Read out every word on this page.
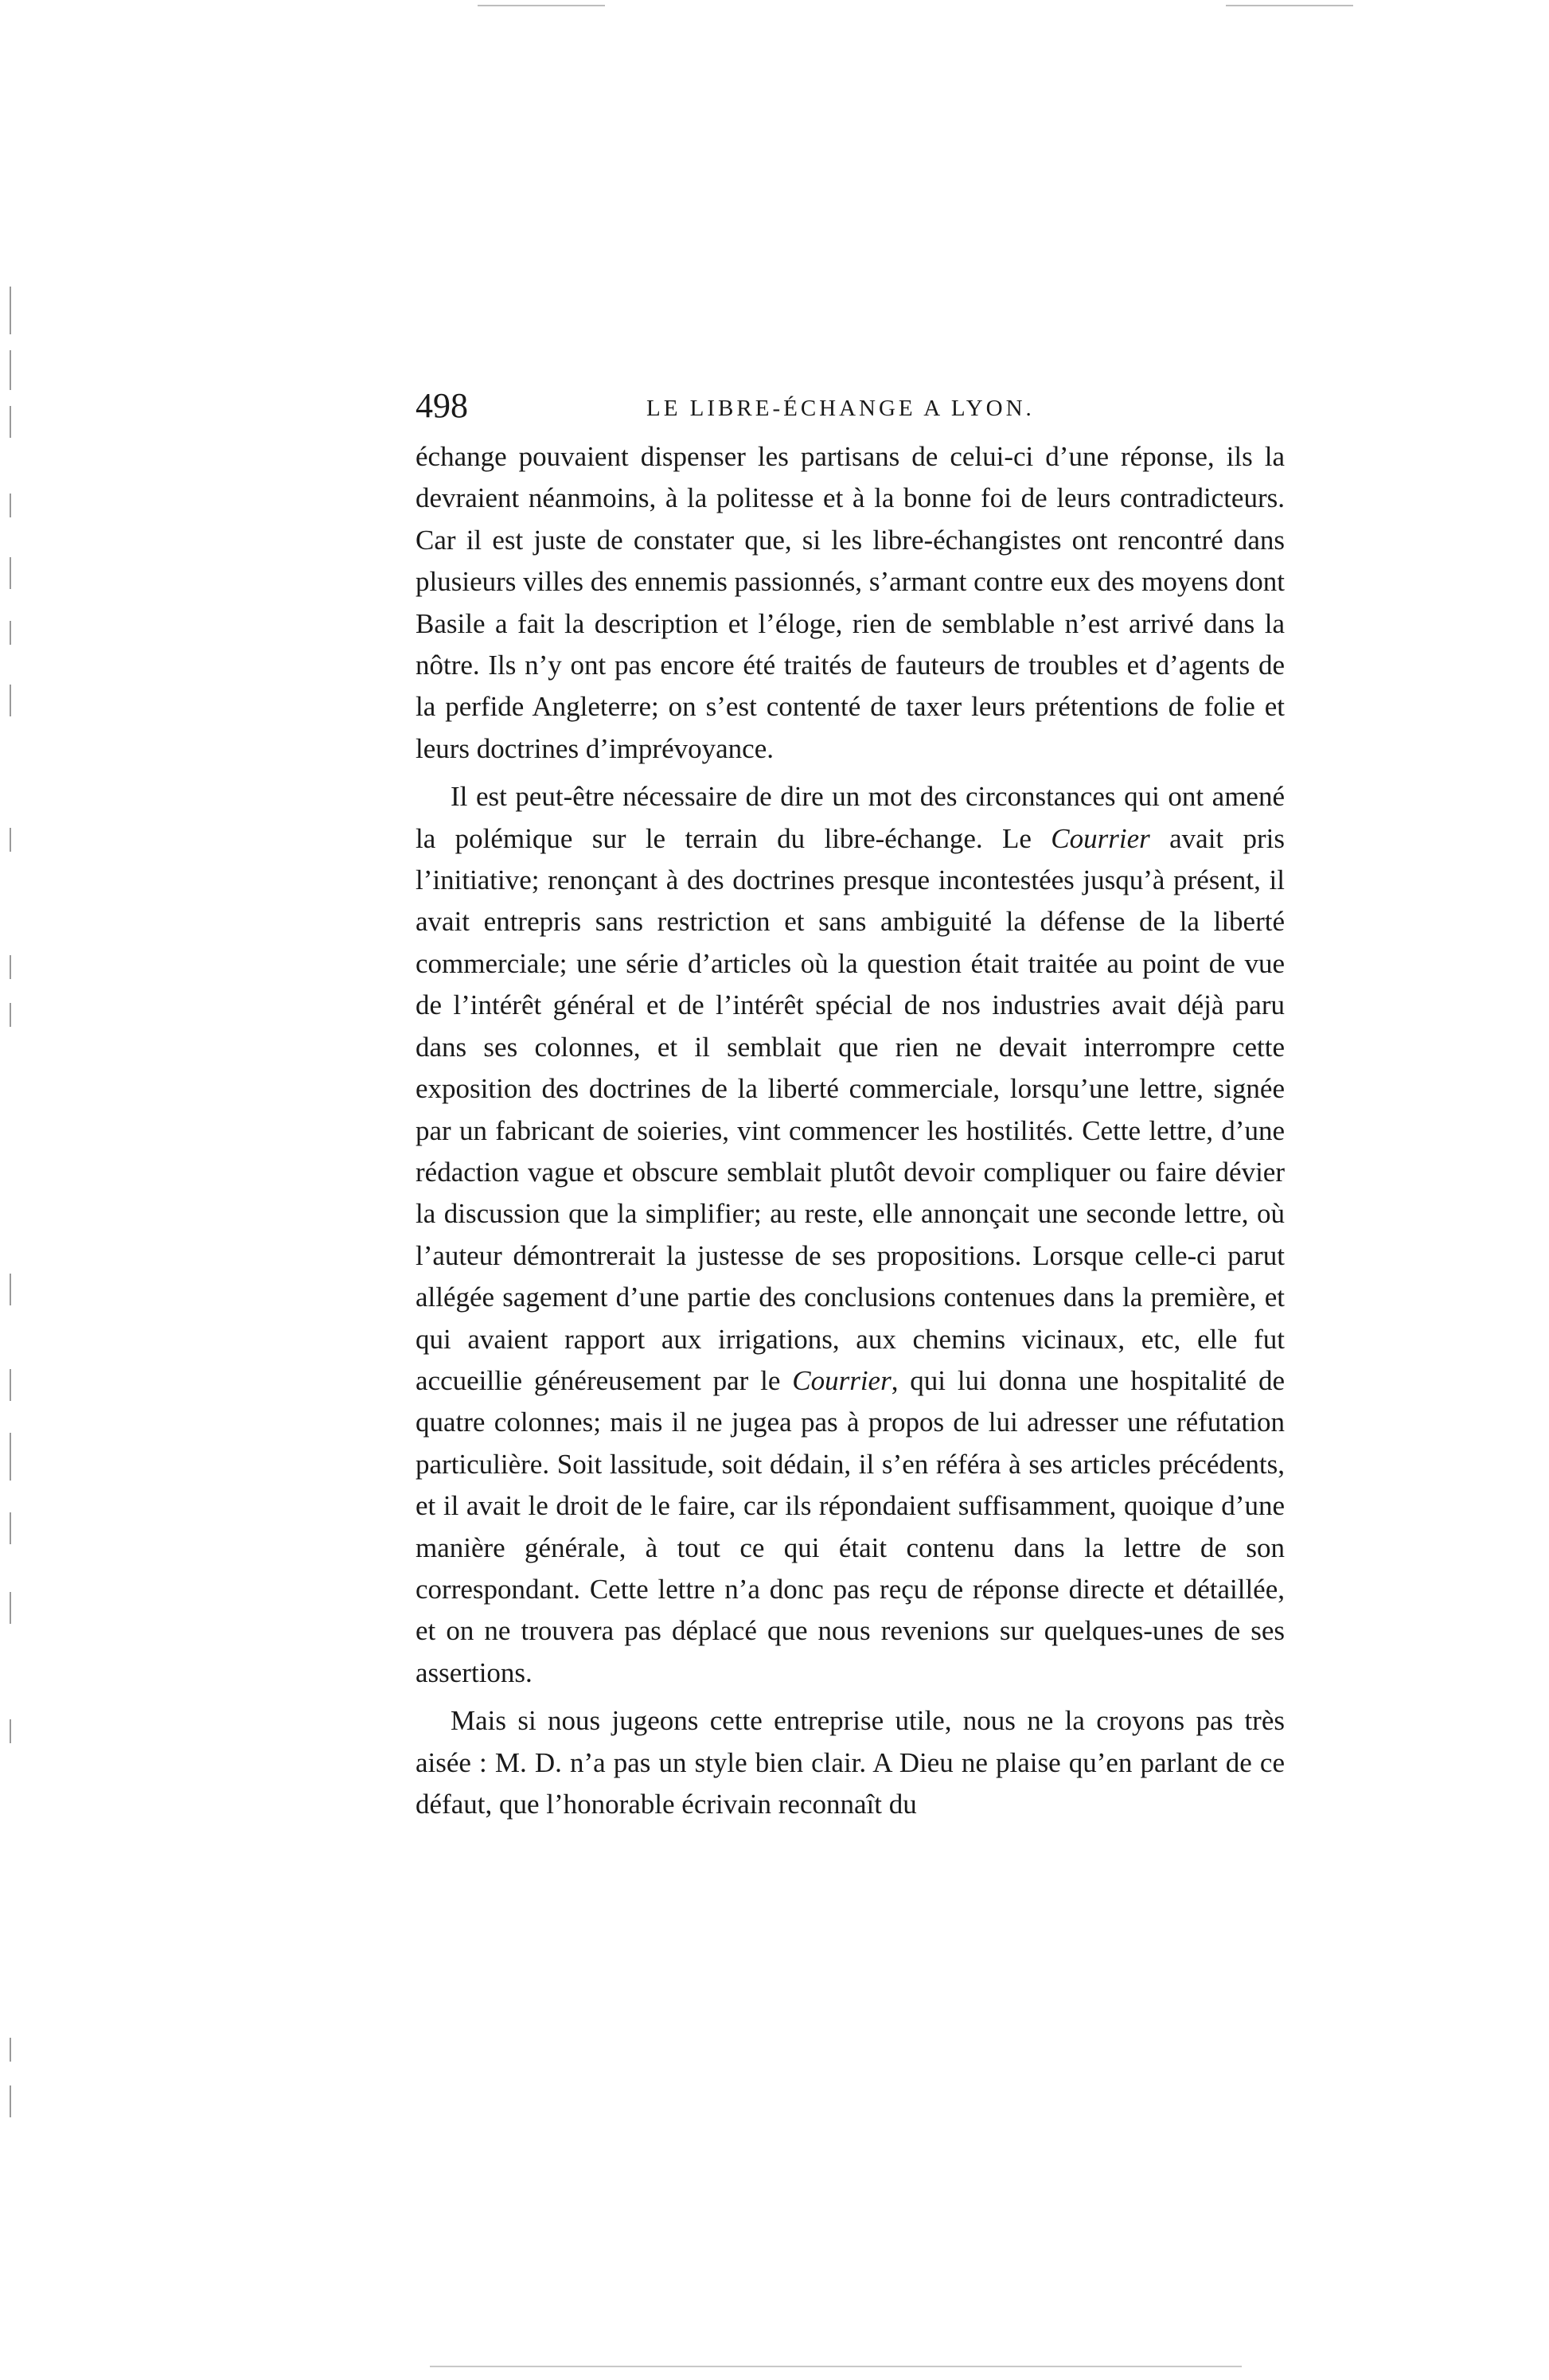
498	LE LIBRE-ÉCHANGE A LYON.

échange pouvaient dispenser les partisans de celui-ci d’une réponse, ils la devraient néanmoins, à la politesse et à la bonne foi de leurs contradicteurs. Car il est juste de constater que, si les libre-échangistes ont rencontré dans plusieurs villes des ennemis passionnés, s’armant contre eux des moyens dont Basile a fait la description et l’éloge, rien de semblable n’est arrivé dans la nôtre. Ils n’y ont pas encore été traités de fauteurs de troubles et d’agents de la perfide Angleterre; on s’est contenté de taxer leurs prétentions de folie et leurs doctrines d’imprévoyance.

Il est peut-être nécessaire de dire un mot des circonstances qui ont amené la polémique sur le terrain du libre-échange. Le Courrier avait pris l’initiative; renonçant à des doctrines presque incontestées jusqu’à présent, il avait entrepris sans restriction et sans ambiguité la défense de la liberté commerciale; une série d’articles où la question était traitée au point de vue de l’intérêt général et de l’intérêt spécial de nos industries avait déjà paru dans ses colonnes, et il semblait que rien ne devait interrompre cette exposition des doctrines de la liberté commerciale, lorsqu’une lettre, signée par un fabricant de soieries, vint commencer les hostilités. Cette lettre, d’une rédaction vague et obscure semblait plutôt devoir compliquer ou faire dévier la discussion que la simplifier; au reste, elle annonçait une seconde lettre, où l’auteur démontrerait la justesse de ses propositions. Lorsque celle-ci parut allégée sagement d’une partie des conclusions contenues dans la première, et qui avaient rapport aux irrigations, aux chemins vicinaux, etc, elle fut accueillie généreusement par le Courrier, qui lui donna une hospitalité de quatre colonnes; mais il ne jugea pas à propos de lui adresser une réfutation particulière. Soit lassitude, soit dédain, il s’en référa à ses articles précédents, et il avait le droit de le faire, car ils répondaient suffisamment, quoique d’une manière générale, à tout ce qui était contenu dans la lettre de son correspondant. Cette lettre n’a donc pas reçu de réponse directe et détaillée, et on ne trouvera pas déplacé que nous revenions sur quelques-unes de ses assertions.

Mais si nous jugeons cette entreprise utile, nous ne la croyons pas très aisée : M. D. n’a pas un style bien clair. A Dieu ne plaise qu’en parlant de ce défaut, que l’honorable écrivain reconnaît du
